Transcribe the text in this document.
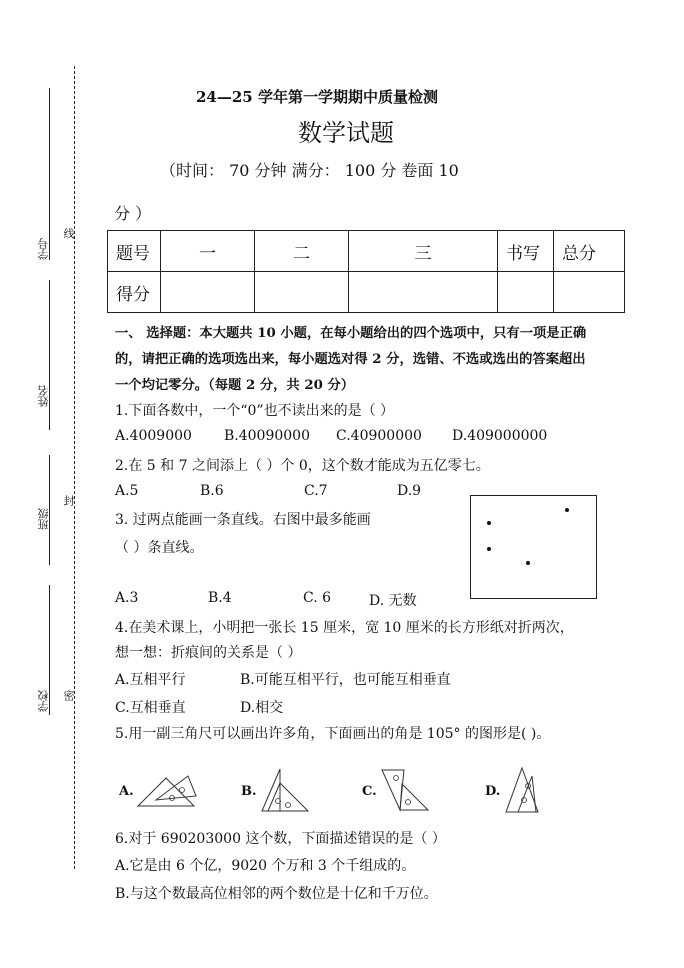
学号
姓名
班级
学校
线
封
密
24—25 学年第一学期期中质量检测
数学试题
（时间： 70 分钟 满分： 100 分 卷面 10
分 ）
题号	一	二	三	书写	总分
得分					
一、 选择题：本大题共 10 小题，在每小题给出的四个选项中，只有一项是正确
的，请把正确的选项选出来，每小题选对得 2 分，选错、不选或选出的答案超出
一个均记零分。（每题 2 分，共 20 分）
1.下面各数中，一个“0”也不读出来的是（ ）
A.4009000 B.40090000 C.40900000 D.409000000
2.在 5 和 7 之间添上（ ）个 0，这个数才能成为五亿零七。
A.5	B.6	C.7	D.9
3. 过两点能画一条直线。右图中最多能画
（ ）条直线。
A.3	B.4	C. 6	D. 无数
4.在美术课上，小明把一张长 15 厘米，宽 10 厘米的长方形纸对折两次，
想一想：折痕间的关系是（ ）
A.互相平行	B.可能互相平行，也可能互相垂直
C.互相垂直	D.相交
5.用一副三角尺可以画出许多角，下面画出的角是 105° 的图形是( )。
A.	B.	C.	D.
6.对于 690203000 这个数，下面描述错误的是（ ）
A.它是由 6 个亿，9020 个万和 3 个千组成的。
B.与这个数最高位相邻的两个数位是十亿和千万位。
